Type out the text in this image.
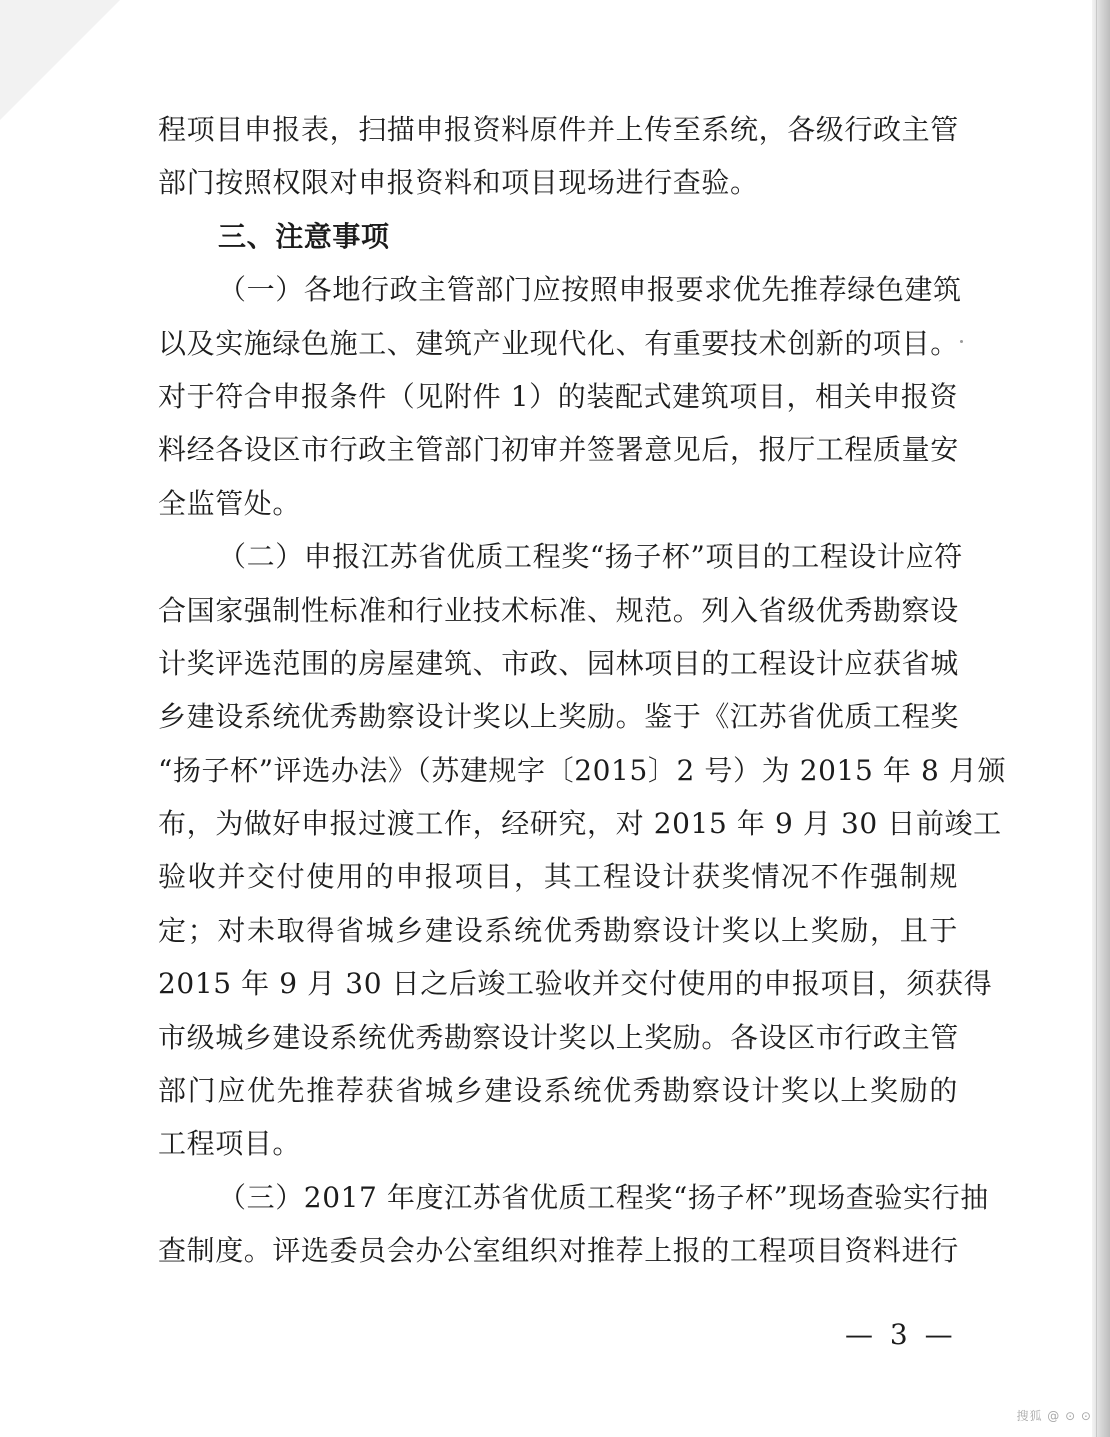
程项目申报表，扫描申报资料原件并上传至系统，各级行政主管
部门按照权限对申报资料和项目现场进行查验。
三、注意事项
（一）各地行政主管部门应按照申报要求优先推荐绿色建筑
以及实施绿色施工、建筑产业现代化、有重要技术创新的项目。
对于符合申报条件（见附件 1）的装配式建筑项目，相关申报资
料经各设区市行政主管部门初审并签署意见后，报厅工程质量安
全监管处。
（二）申报江苏省优质工程奖“扬子杯”项目的工程设计应符
合国家强制性标准和行业技术标准、规范。列入省级优秀勘察设
计奖评选范围的房屋建筑、市政、园林项目的工程设计应获省城
乡建设系统优秀勘察设计奖以上奖励。鉴于《江苏省优质工程奖
“扬子杯”评选办法》（苏建规字〔2015〕2 号）为 2015 年 8 月颁
布，为做好申报过渡工作，经研究，对 2015 年 9 月 30 日前竣工
验收并交付使用的申报项目，其工程设计获奖情况不作强制规
定；对未取得省城乡建设系统优秀勘察设计奖以上奖励，且于
2015 年 9 月 30 日之后竣工验收并交付使用的申报项目，须获得
市级城乡建设系统优秀勘察设计奖以上奖励。各设区市行政主管
部门应优先推荐获省城乡建设系统优秀勘察设计奖以上奖励的
工程项目。
（三）2017 年度江苏省优质工程奖“扬子杯”现场查验实行抽
查制度。评选委员会办公室组织对推荐上报的工程项目资料进行
— 3 —
搜狐 @ ⊙ ⊙
